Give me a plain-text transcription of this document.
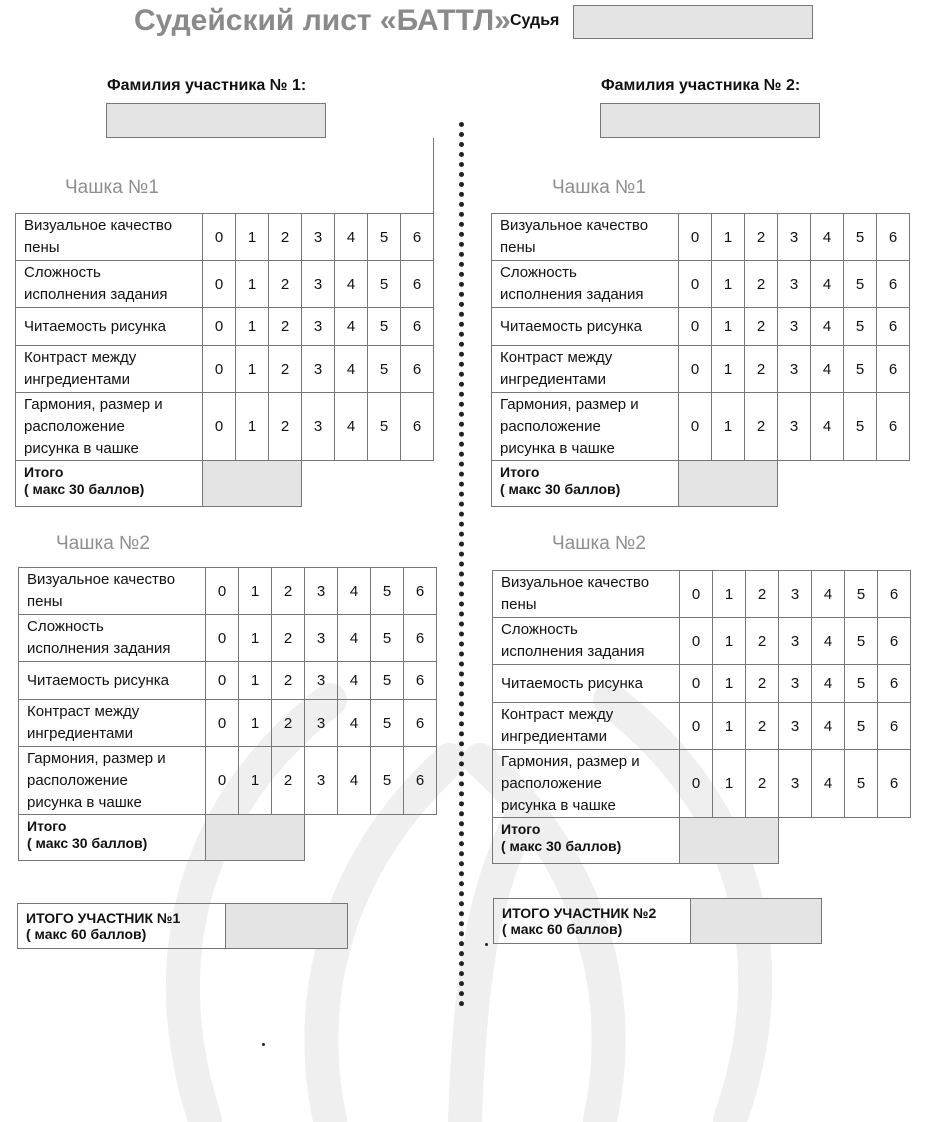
Судейский лист «БАТТЛ» Судья
Фамилия участника № 1:	Фамилия участника № 2:
Чашка №1
Визуальное качество
пены	0	1	2	3	4	5	6

Сложность
исполнения задания	0	1	2	3	4	5	6

Читаемость рисунка	0	1	2	3	4	5	6

Контраст между
ингредиентами	0	1	2	3	4	5	6

Гармония, размер и
расположение
рисунка в чашке	0	1	2	3	4	5	6
Итого
( макс 30 баллов)
Чашка №1
Визуальное качество
пены	0	1	2	3	4	5	6

Сложность
исполнения задания	0	1	2	3	4	5	6

Читаемость рисунка	0	1	2	3	4	5	6

Контраст между
ингредиентами	0	1	2	3	4	5	6

Гармония, размер и
расположение
рисунка в чашке	0	1	2	3	4	5	6
Итого
( макс 30 баллов)
Чашка №2
Визуальное качество
пены	0	1	2	3	4	5	6

Сложность
исполнения задания	0	1	2	3	4	5	6

Читаемость рисунка	0	1	2	3	4	5	6

Контраст между
ингредиентами	0	1	2	3	4	5	6

Гармония, размер и
расположение
рисунка в чашке	0	1	2	3	4	5	6
Итого
( макс 30 баллов)
Чашка №2
Визуальное качество
пены	0	1	2	3	4	5	6

Сложность
исполнения задания	0	1	2	3	4	5	6

Читаемость рисунка	0	1	2	3	4	5	6

Контраст между
ингредиентами	0	1	2	3	4	5	6

Гармония, размер и
расположение
рисунка в чашке	0	1	2	3	4	5	6
Итого
( макс 30 баллов)
ИТОГО УЧАСТНИК №1
( макс 60 баллов)
ИТОГО УЧАСТНИК №2
( макс 60 баллов)
